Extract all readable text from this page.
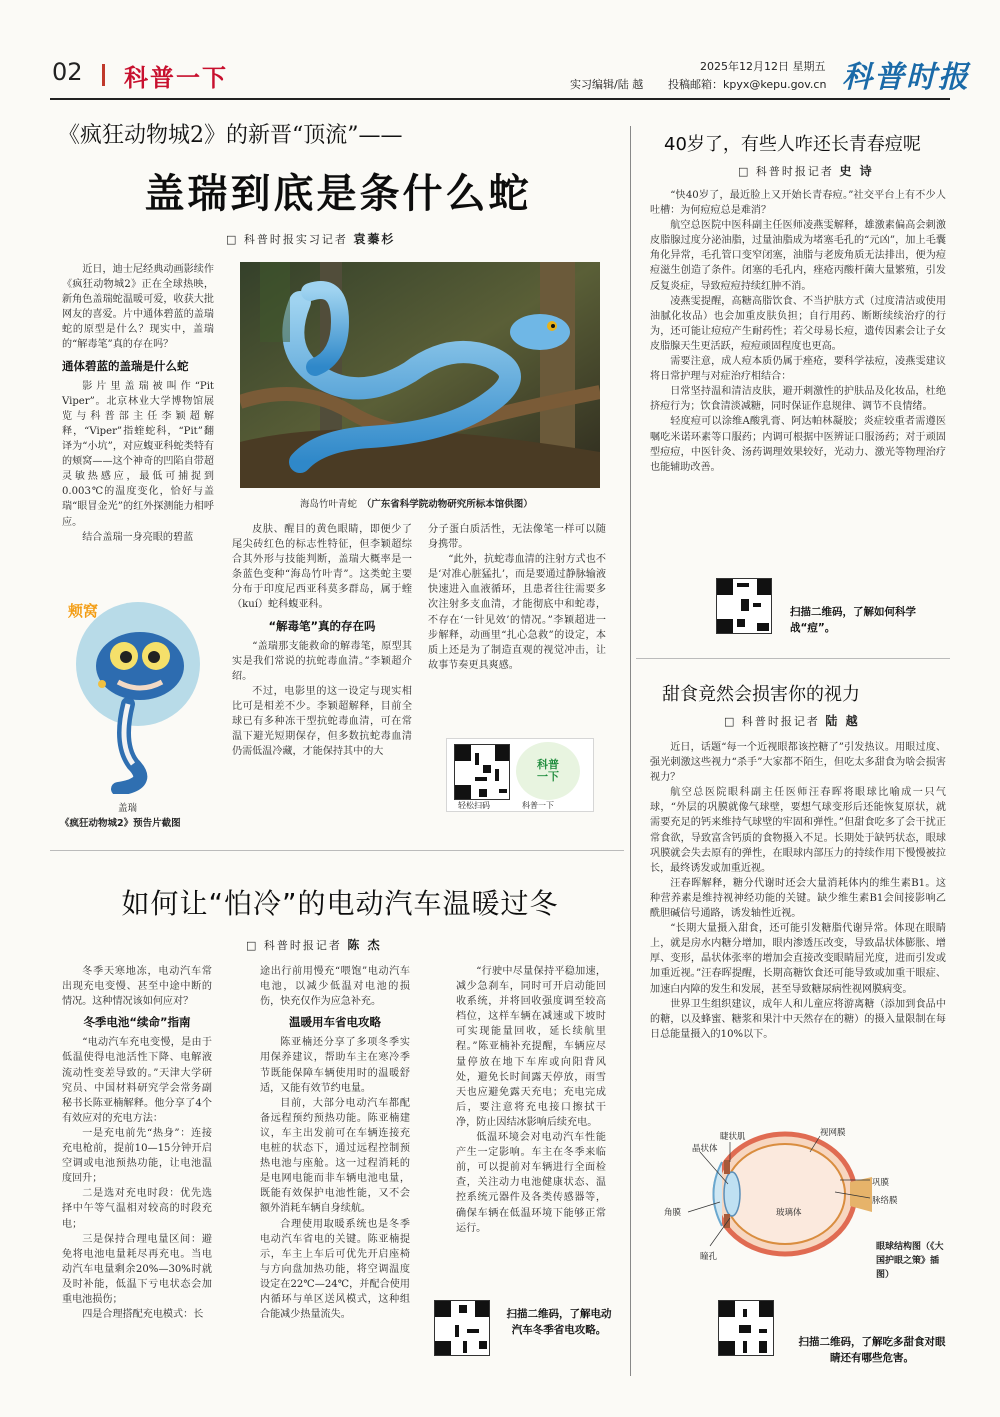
02 科普一下	2025年12月12日 星期五
实习编辑/陆 越 投稿邮箱：kpyx@kepu.gov.cn 科普时报
《疯狂动物城2》的新晋“顶流”——
盖瑞到底是条什么蛇
□ 科普时报实习记者 袁蓁杉

近日，迪士尼经典动画影续作《疯狂动物城2》正在全球热映，新角色盖瑞蛇温暖可爱，收获大批网友的喜爱。片中通体碧蓝的盖瑞蛇的原型是什么？现实中，盖瑞的“解毒笔”真的存在吗？

通体碧蓝的盖瑞是什么蛇

影片里盖瑞被叫作“Pit Viper”。北京林业大学博物馆展览与科普部主任李颖超解释，“Viper”指蝰蛇科，“Pit”翻译为“小坑”，对应蝮亚科蛇类特有的颊窝——这个神奇的凹陷自带超灵敏热感应，最低可捕捉到0.003℃的温度变化，恰好与盖瑞“眼冒金光”的红外探测能力相呼应。

结合盖瑞一身亮眼的碧蓝

海岛竹叶青蛇　 （广东省科学院动物研究所标本馆供图）
颊窝
盖瑞
《疯狂动物城2》预告片截图

皮肤、醒目的黄色眼睛，即便少了尾尖砖红色的标志性特征，但李颖超综合其外形与技能判断，盖瑞大概率是一条蓝色变种“海岛竹叶青”。这类蛇主要分布于印度尼西亚科莫多群岛，属于蝰（kuí）蛇科蝮亚科。

“解毒笔”真的存在吗

“盖瑞那支能救命的解毒笔，原型其实是我们常说的抗蛇毒血清。”李颖超介绍。

不过，电影里的这一设定与现实相比可是相差不少。李颖超解释，目前全球已有多种冻干型抗蛇毒血清，可在常温下避光短期保存，但多数抗蛇毒血清仍需低温冷藏，才能保持其中的大

分子蛋白质活性，无法像笔一样可以随身携带。

“此外，抗蛇毒血清的注射方式也不是‘对准心脏猛扎’，而是要通过静脉输液快速进入血液循环，且患者往往需要多次注射多支血清，才能彻底中和蛇毒，不存在‘一针见效’的情况。”李颖超进一步解释，动画里“扎心急救”的设定，本质上还是为了制造直观的视觉冲击，让故事节奏更具爽感。

科普一下
轻松扫码	科普一下
如何让“怕冷”的电动汽车温暖过冬
□ 科普时报记者 陈 杰

冬季天寒地冻，电动汽车常出现充电变慢、甚至中途中断的情况。这种情况该如何应对？

冬季电池“续命”指南

“电动汽车充电变慢，是由于低温使得电池活性下降、电解液流动性变差导致的。”天津大学研究员、中国材料研究学会常务副秘书长陈亚楠解释。他分享了4个有效应对的充电方法：

一是充电前先“热身”：连接充电枪前，提前10—15分钟开启空调或电池预热功能，让电池温度回升；

二是选对充电时段：优先选择中午等气温相对较高的时段充电；

三是保持合理电量区间：避免将电池电量耗尽再充电。当电动汽车电量剩余20%—30%时就及时补能，低温下亏电状态会加重电池损伤；

四是合理搭配充电模式：长

途出行前用慢充“喂饱”电动汽车电池，以减少低温对电池的损伤，快充仅作为应急补充。

温暖用车省电攻略

陈亚楠还分享了多项冬季实用保养建议，帮助车主在寒冷季节既能保障车辆使用时的温暖舒适，又能有效节约电量。

目前，大部分电动汽车都配备远程预约预热功能。陈亚楠建议，车主出发前可在车辆连接充电桩的状态下，通过远程控制预热电池与座舱。这一过程消耗的是电网电能而非车辆电池电量，既能有效保护电池性能，又不会额外消耗车辆自身续航。

合理使用取暖系统也是冬季电动汽车省电的关键。陈亚楠提示，车主上车后可优先开启座椅与方向盘加热功能，将空调温度设定在22℃—24℃，并配合使用内循环与单区送风模式，这种组合能减少热量流失。

“行驶中尽量保持平稳加速，减少急刹车，同时可开启动能回收系统，并将回收强度调至较高档位，这样车辆在减速或下坡时可实现能量回收，延长续航里程。”陈亚楠补充提醒，车辆应尽量停放在地下车库或向阳背风处，避免长时间露天停放，雨雪天也应避免露天充电；充电完成后，要注意将充电接口擦拭干净，防止因结冰影响后续充电。

低温环境会对电动汽车性能产生一定影响。车主在冬季来临前，可以提前对车辆进行全面检查，关注动力电池健康状态、温控系统元器件及各类传感器等，确保车辆在低温环境下能够正常运行。

扫描二维码，了解电动汽车冬季省电攻略。
40岁了，有些人咋还长青春痘呢
□ 科普时报记者 史 诗

“快40岁了，最近脸上又开始长青春痘。”社交平台上有不少人吐槽：为何痘痘总是难消？

航空总医院中医科副主任医师凌燕雯解释，雄激素偏高会刺激皮脂腺过度分泌油脂，过量油脂成为堵塞毛孔的“元凶”，加上毛囊角化异常，毛孔管口变窄闭塞，油脂与老废角质无法排出，便为痘痘滋生创造了条件。闭塞的毛孔内，痤疮丙酸杆菌大量繁殖，引发反复炎症，导致痘痘持续红肿不消。

凌燕雯提醒，高糖高脂饮食、不当护肤方式（过度清洁或使用油腻化妆品）也会加重皮肤负担；自行用药、断断续续治疗的行为，还可能让痘痘产生耐药性；若父母易长痘，遗传因素会让子女皮脂腺天生更活跃，痘痘顽固程度也更高。

需要注意，成人痘本质仍属于痤疮，要科学祛痘，凌燕雯建议将日常护理与对症治疗相结合：

日常坚持温和清洁皮肤，避开刺激性的护肤品及化妆品，杜绝挤痘行为；饮食清淡减糖，同时保证作息规律、调节不良情绪。

轻度痘可以涂维A酸乳膏、阿达帕林凝胶；炎症较重者需遵医嘱吃米诺环素等口服药；内调可根据中医辨证口服汤药；对于顽固型痘痘，中医针灸、汤药调理效果较好，光动力、激光等物理治疗也能辅助改善。

扫描二维码，了解如何科学战“痘”。
甜食竟然会损害你的视力
□ 科普时报记者 陆 越

近日，话题“每一个近视眼都该控糖了”引发热议。用眼过度、强光刺激这些视力“杀手”大家都不陌生，但吃太多甜食为啥会损害视力？

航空总医院眼科副主任医师汪春晖将眼球比喻成一只气球，“外层的巩膜就像气球壁，要想气球变形后还能恢复原状，就需要充足的钙来维持气球壁的牢固和弹性。”但甜食吃多了会干扰正常食欲，导致富含钙质的食物摄入不足。长期处于缺钙状态，眼球巩膜就会失去原有的弹性，在眼球内部压力的持续作用下慢慢被拉长，最终诱发或加重近视。

汪春晖解释，糖分代谢时还会大量消耗体内的维生素B1。这种营养素是维持视神经功能的关键。缺少维生素B1会间接影响乙酰胆碱信号通路，诱发轴性近视。

“长期大量摄入甜食，还可能引发糖脂代谢异常。体现在眼睛上，就是房水内糖分增加，眼内渗透压改变，导致晶状体膨胀、增厚、变形，晶状体张率的增加会直接改变眼睛屈光度，进而引发或加重近视。”汪春晖提醒，长期高糖饮食还可能导致或加重干眼症、加速白内障的发生和发展，甚至导致糖尿病性视网膜病变。

世界卫生组织建议，成年人和儿童应将游离糖（添加到食品中的糖，以及蜂蜜、糖浆和果汁中天然存在的糖）的摄入量限制在每日总能量摄入的10%以下。

睫状肌
晶状体
视网膜
角膜	玻璃体
巩膜
脉络膜
瞳孔
眼球结构图（《大国护眼之策》插图）
扫描二维码，了解吃多甜食对眼睛还有哪些危害。
